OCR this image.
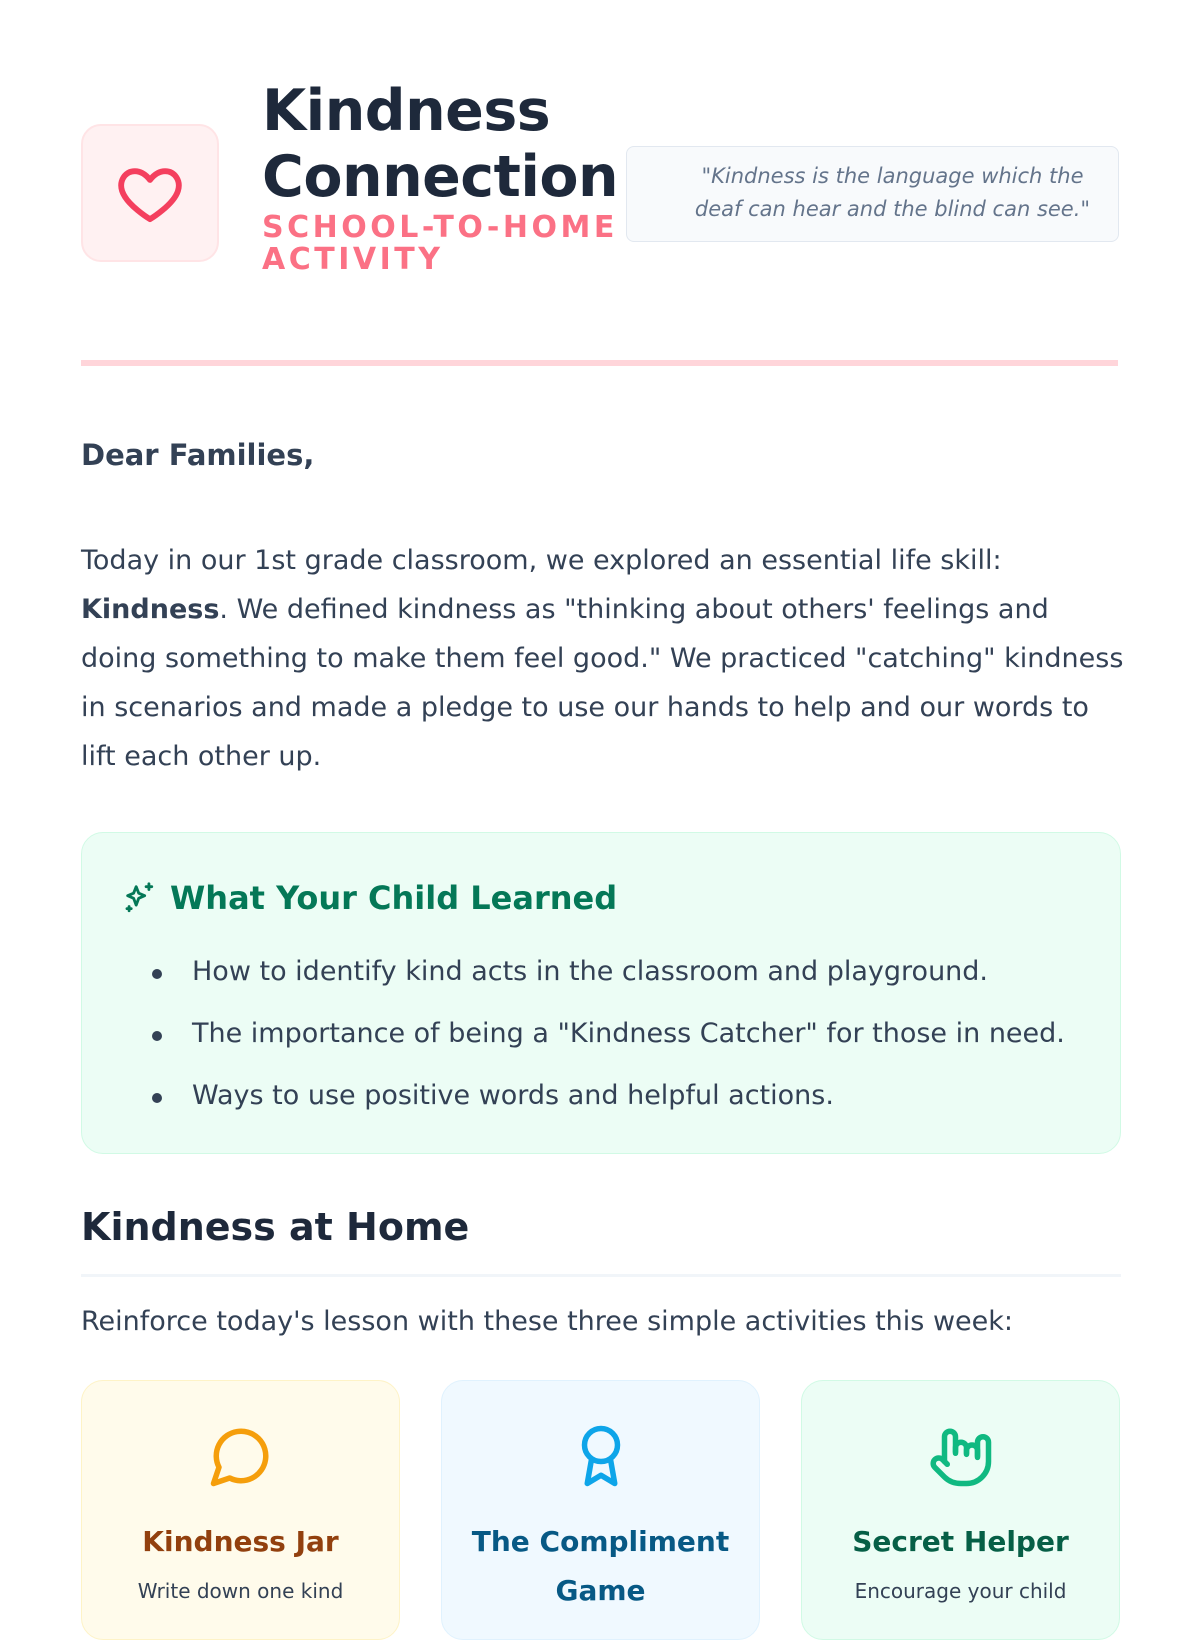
Kindness Connection
SCHOOL-TO-HOME ACTIVITY
"Kindness is the language which the deaf can hear and the blind can see."
Dear Families,

Today in our 1st grade classroom, we explored an essential life skill: Kindness. We defined kindness as "thinking about others' feelings and doing something to make them feel good." We practiced "catching" kindness in scenarios and made a pledge to use our hands to help and our words to lift each other up.

What Your Child Learned
How to identify kind acts in the classroom and playground.
The importance of being a "Kindness Catcher" for those in need.
Ways to use positive words and helpful actions.
Kindness at Home
Reinforce today's lesson with these three simple activities this week:
Kindness Jar
Write down one kind
The Compliment Game
Secret Helper
Encourage your child
